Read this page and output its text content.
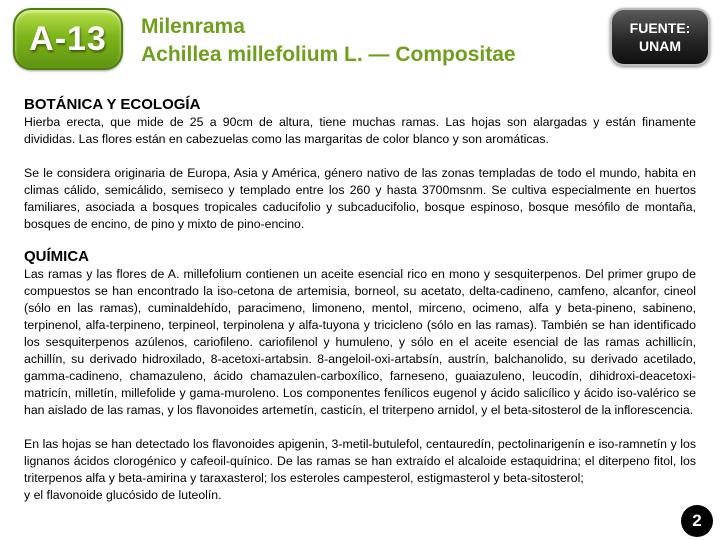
A-13 Milenrama
Achillea millefolium L. — Compositae
FUENTE:
UNAM
BOTÁNICA Y ECOLOGÍA

Hierba erecta, que mide de 25 a 90cm de altura, tiene muchas ramas. Las hojas son alargadas y están finamente divididas. Las flores están en cabezuelas como las margaritas de color blanco y son aromáticas.

Se le considera originaria de Europa, Asia y América, género nativo de las zonas templadas de todo el mundo, habita en climas cálido, semicálido, semiseco y templado entre los 260 y hasta 3700msnm. Se cultiva especialmente en huertos familiares, asociada a bosques tropicales caducifolio y subcaducifolio, bosque espinoso, bosque mesófilo de montaña, bosques de encino, de pino y mixto de pino-encino.

QUÍMICA

Las ramas y las flores de A. millefolium contienen un aceite esencial rico en mono y sesquiterpenos. Del primer grupo de compuestos se han encontrado la iso-cetona de artemisia, borneol, su acetato, delta-cadineno, camfeno, alcanfor, cineol (sólo en las ramas), cuminaldehído, paracimeno, limoneno, mentol, mirceno, ocimeno, alfa y beta-pineno, sabineno, terpinenol, alfa-terpineno, terpineol, terpinolena y alfa-tuyona y tricicleno (sólo en las ramas). También se han identificado los sesquiterpenos azúlenos, cariofileno. cariofilenol y humuleno, y sólo en el aceite esencial de las ramas achillicín, achillín, su derivado hidroxilado, 8-acetoxi-artabsin. 8-angeloil-oxi-artabsín, austrín, balchanolido, su derivado acetilado, gamma-cadineno, chamazuleno, ácido chamazulen-carboxílico, farneseno, guaiazuleno, leucodín, dihidroxi-deacetoxi-matricín, milletín, millefolide y gama-muroleno. Los componentes fenílicos eugenol y ácido salicílico y ácido iso-valérico se han aislado de las ramas, y los flavonoides artemetín, casticín, el triterpeno arnidol, y el beta-sitosterol de la inflorescencia.

En las hojas se han detectado los flavonoides apigenin, 3-metil-butulefol, centauredín, pectolinarigenín e iso-ramnetín y los lignanos ácidos clorogénico y cafeoil-quínico. De las ramas se han extraído el alcaloide estaquidrina; el diterpeno fitol, los triterpenos alfa y beta-amirina y taraxasterol; los esteroles campesterol, estigmasterol y beta-sitosterol;

y el flavonoide glucósido de luteolín.

2
